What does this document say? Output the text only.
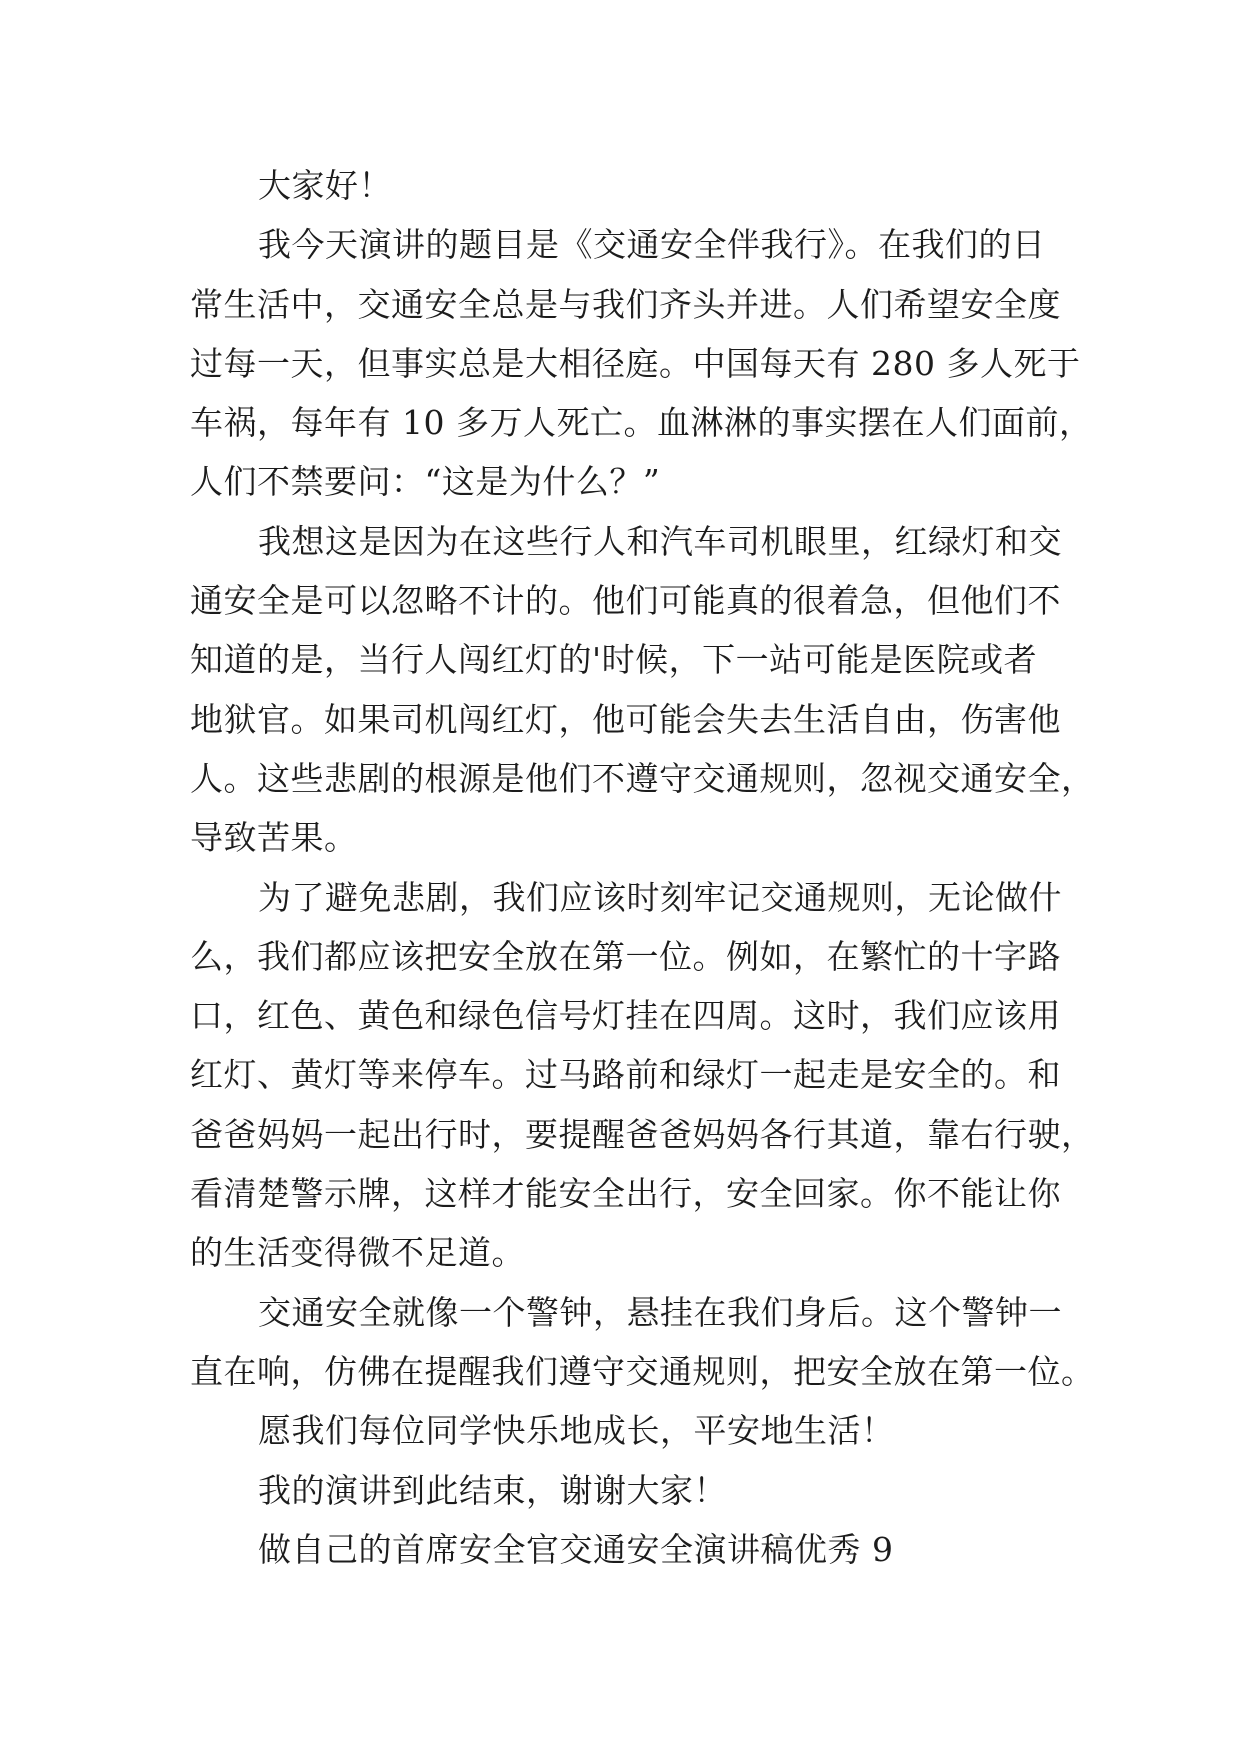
大家好！
我今天演讲的题目是《交通安全伴我行》。在我们的日
常生活中，交通安全总是与我们齐头并进。人们希望安全度
过每一天，但事实总是大相径庭。中国每天有 280 多人死于
车祸，每年有 10 多万人死亡。血淋淋的事实摆在人们面前，
人们不禁要问：“这是为什么？”
我想这是因为在这些行人和汽车司机眼里，红绿灯和交
通安全是可以忽略不计的。他们可能真的很着急，但他们不
知道的是，当行人闯红灯的'时候，下一站可能是医院或者
地狱官。如果司机闯红灯，他可能会失去生活自由，伤害他
人。这些悲剧的根源是他们不遵守交通规则，忽视交通安全，
导致苦果。
为了避免悲剧，我们应该时刻牢记交通规则，无论做什
么，我们都应该把安全放在第一位。例如，在繁忙的十字路
口，红色、黄色和绿色信号灯挂在四周。这时，我们应该用
红灯、黄灯等来停车。过马路前和绿灯一起走是安全的。和
爸爸妈妈一起出行时，要提醒爸爸妈妈各行其道，靠右行驶，
看清楚警示牌，这样才能安全出行，安全回家。你不能让你
的生活变得微不足道。
交通安全就像一个警钟，悬挂在我们身后。这个警钟一
直在响，仿佛在提醒我们遵守交通规则，把安全放在第一位。
愿我们每位同学快乐地成长，平安地生活！
我的演讲到此结束，谢谢大家！
做自己的首席安全官交通安全演讲稿优秀 9
